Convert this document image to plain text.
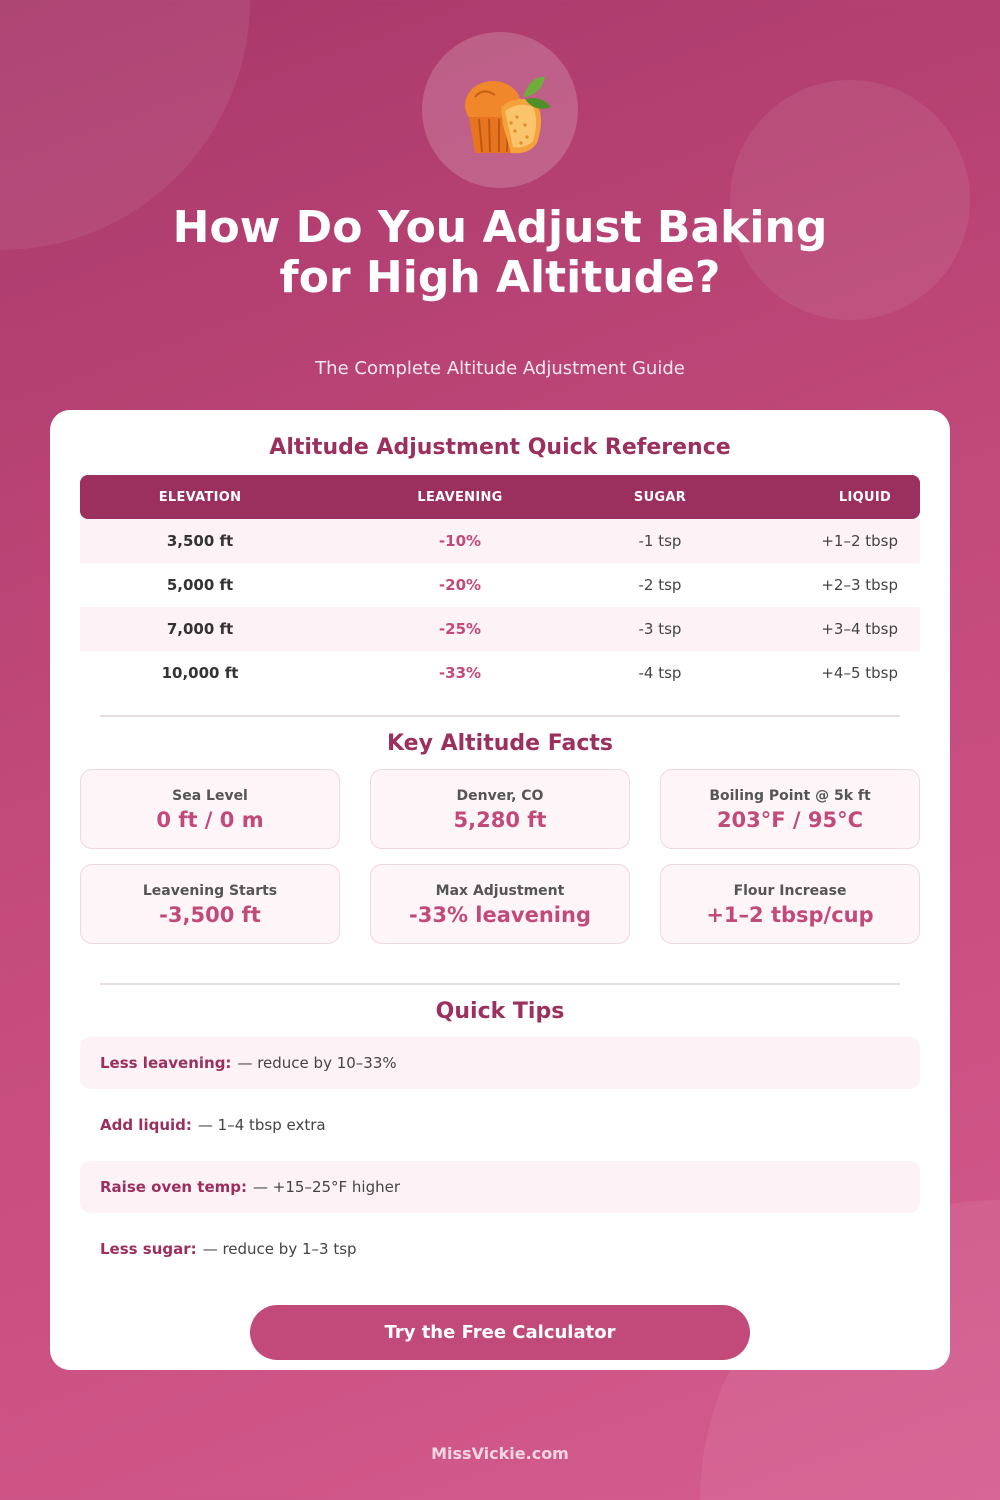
How Do You Adjust Baking
for High Altitude?
The Complete Altitude Adjustment Guide
Altitude Adjustment Quick Reference
ELEVATION	LEAVENING	SUGAR	LIQUID
3,500 ft	-10%	-1 tsp	+1–2 tbsp
5,000 ft	-20%	-2 tsp	+2–3 tbsp
7,000 ft	-25%	-3 tsp	+3–4 tbsp
10,000 ft	-33%	-4 tsp	+4–5 tbsp
Key Altitude Facts
Sea Level
0 ft / 0 m
Denver, CO
5,280 ft
Boiling Point @ 5k ft
203°F / 95°C
Leavening Starts
-3,500 ft
Max Adjustment
-33% leavening
Flour Increase
+1–2 tbsp/cup
Quick Tips
Less leavening: — reduce by 10–33%
Add liquid: — 1–4 tbsp extra
Raise oven temp: — +15–25°F higher
Less sugar: — reduce by 1–3 tsp
Try the Free Calculator
MissVickie.com
